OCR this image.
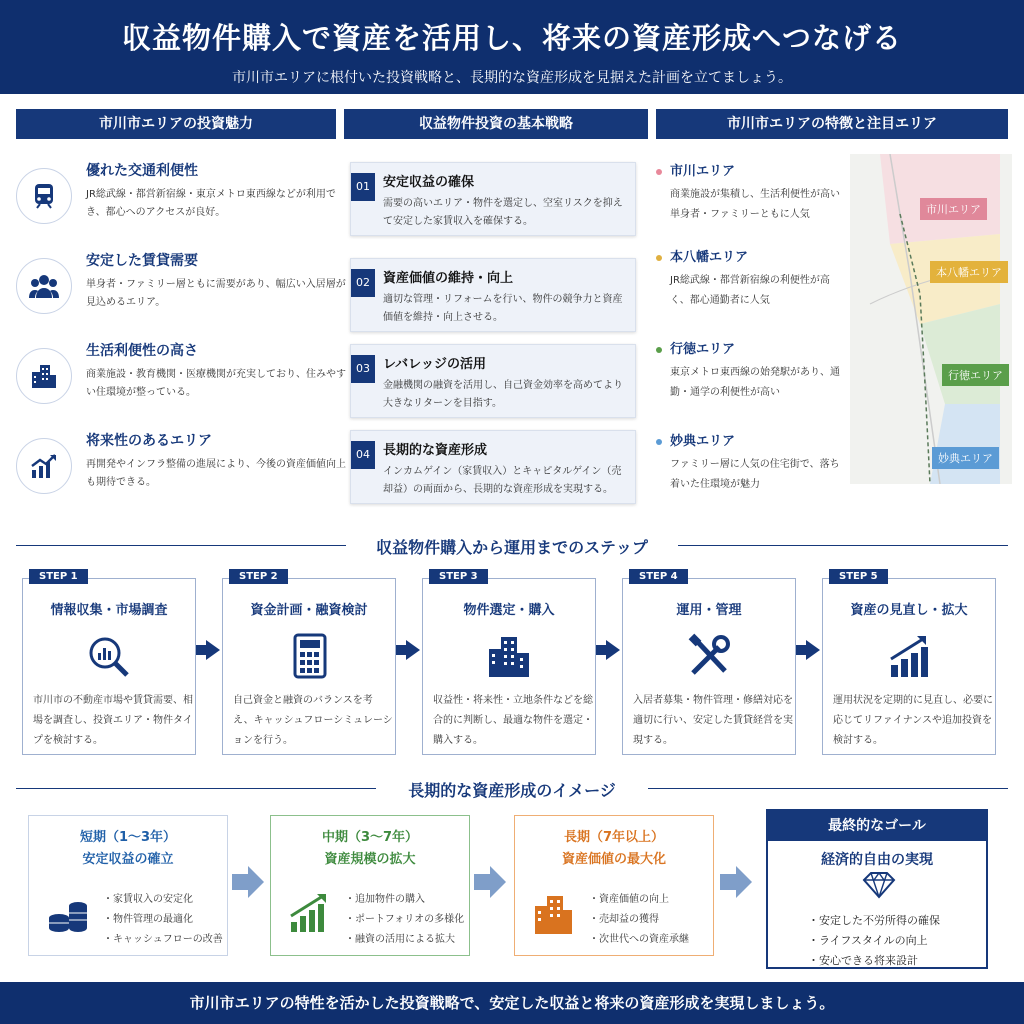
収益物件購入で資産を活用し、将来の資産形成へつなげる

市川市エリアに根付いた投資戦略と、長期的な資産形成を見据えた計画を立てましょう。

市川市エリアの投資魅力	収益物件投資の基本戦略	市川市エリアの特徴と注目エリア
優れた交通利便性

JR総武線・都営新宿線・東京メトロ東西線などが利用でき、都心へのアクセスが良好。

安定した賃貸需要

単身者・ファミリー層ともに需要があり、幅広い入居層が見込めるエリア。

生活利便性の高さ

商業施設・教育機関・医療機関が充実しており、住みやすい住環境が整っている。

将来性のあるエリア

再開発やインフラ整備の進展により、今後の資産価値向上も期待できる。

01	安定収益の確保

需要の高いエリア・物件を選定し、空室リスクを抑えて安定した家賃収入を確保する。

02	資産価値の維持・向上

適切な管理・リフォームを行い、物件の競争力と資産価値を維持・向上させる。

03	レバレッジの活用

金融機関の融資を活用し、自己資金効率を高めてより大きなリターンを目指す。

04	長期的な資産形成

インカムゲイン（家賃収入）とキャピタルゲイン（売却益）の両面から、長期的な資産形成を実現する。

市川エリア

商業施設が集積し、生活利便性が高い単身者・ファミリーともに人気

本八幡エリア

JR総武線・都営新宿線の利便性が高く、都心通勤者に人気

行徳エリア

東京メトロ東西線の始発駅があり、通勤・通学の利便性が高い

妙典エリア

ファミリー層に人気の住宅街で、落ち着いた住環境が魅力

市川エリア
本八幡エリア
行徳エリア
妙典エリア
収益物件購入から運用までのステップ
STEP 1
情報収集・市場調査

市川市の不動産市場や賃貸需要、相場を調査し、投資エリア・物件タイプを検討する。

STEP 2
資金計画・融資検討

自己資金と融資のバランスを考え、キャッシュフローシミュレーションを行う。

STEP 3
物件選定・購入

収益性・将来性・立地条件などを総合的に判断し、最適な物件を選定・購入する。

STEP 4
運用・管理

入居者募集・物件管理・修繕対応を適切に行い、安定した賃貸経営を実現する。

STEP 5
資産の見直し・拡大

運用状況を定期的に見直し、必要に応じてリファイナンスや追加投資を検討する。

長期的な資産形成のイメージ
短期（1〜3年）
安定収益の確立
・家賃収入の安定化
・物件管理の最適化
・キャッシュフローの改善
中期（3〜7年）
資産規模の拡大
・追加物件の購入
・ポートフォリオの多様化
・融資の活用による拡大
長期（7年以上）
資産価値の最大化
・資産価値の向上
・売却益の獲得
・次世代への資産承継
最終的なゴール
経済的自由の実現
・安定した不労所得の確保
・ライフスタイルの向上
・安心できる将来設計
市川市エリアの特性を活かした投資戦略で、安定した収益と将来の資産形成を実現しましょう。
